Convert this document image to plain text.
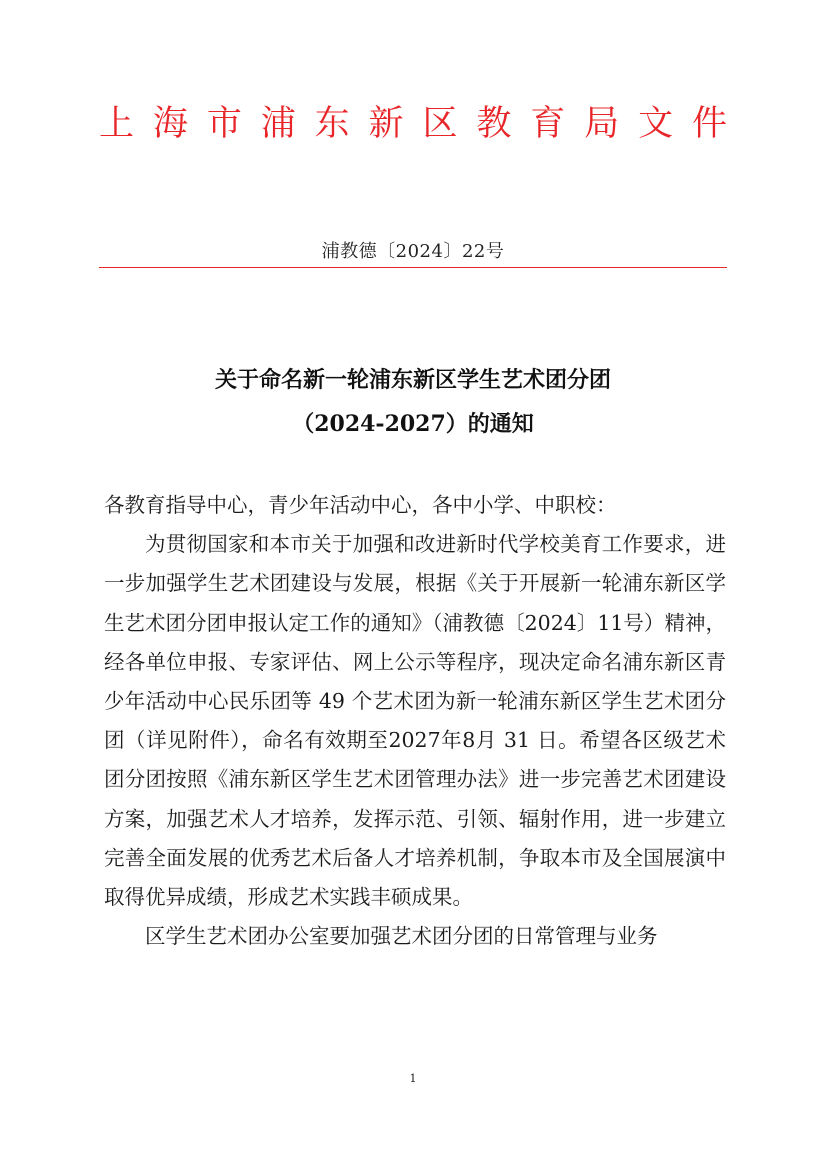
上海市浦东新区教育局文件
浦教德〔2024〕22号
关于命名新一轮浦东新区学生艺术团分团
（2024-2027）的通知

各教育指导中心，青少年活动中心，各中小学、中职校：

为贯彻国家和本市关于加强和改进新时代学校美育工作要求，进一步加强学生艺术团建设与发展，根据《关于开展新一轮浦东新区学生艺术团分团申报认定工作的通知》（浦教德〔2024〕11号）精神，经各单位申报、专家评估、网上公示等程序，现决定命名浦东新区青少年活动中心民乐团等 49 个艺术团为新一轮浦东新区学生艺术团分团（详见附件），命名有效期至2027年8月 31 日。希望各区级艺术团分团按照《浦东新区学生艺术团管理办法》进一步完善艺术团建设方案，加强艺术人才培养，发挥示范、引领、辐射作用，进一步建立完善全面发展的优秀艺术后备人才培养机制，争取本市及全国展演中取得优异成绩，形成艺术实践丰硕成果。

区学生艺术团办公室要加强艺术团分团的日常管理与业务

1
